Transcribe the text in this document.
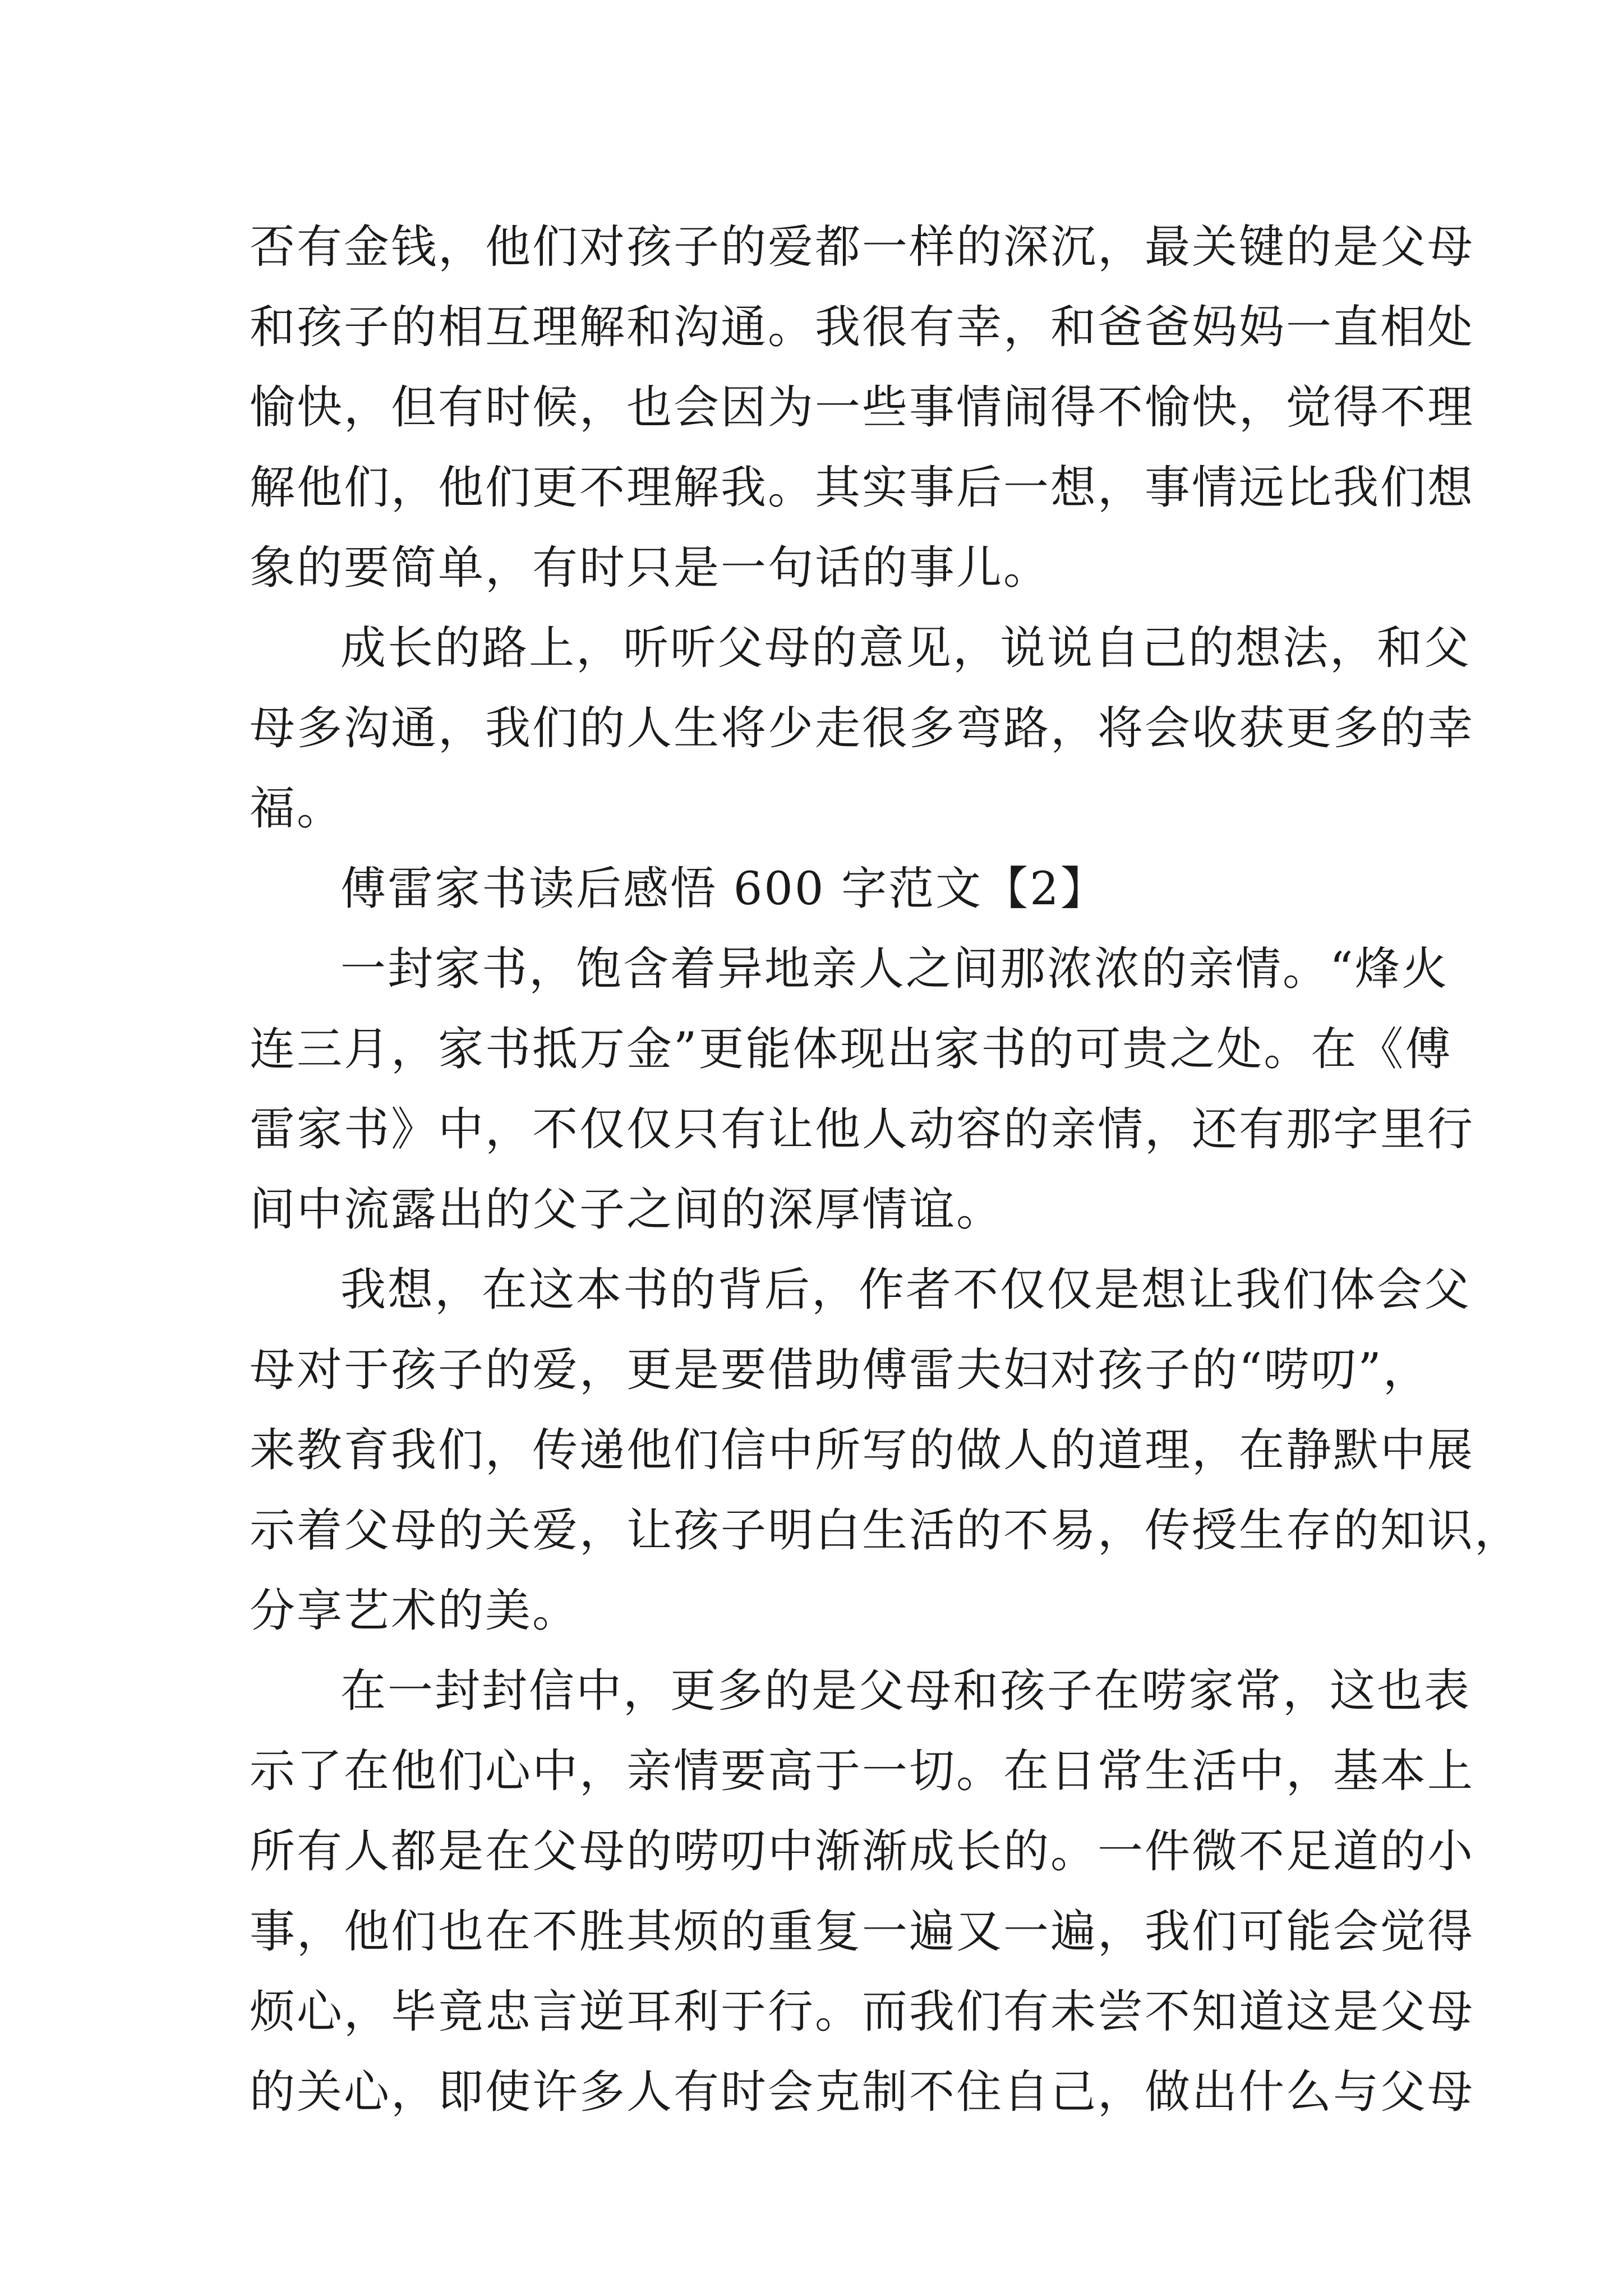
否有金钱，他们对孩子的爱都一样的深沉，最关键的是父母
和孩子的相互理解和沟通。我很有幸，和爸爸妈妈一直相处
愉快，但有时候，也会因为一些事情闹得不愉快，觉得不理
解他们，他们更不理解我。其实事后一想，事情远比我们想
象的要简单，有时只是一句话的事儿。
成长的路上，听听父母的意见，说说自己的想法，和父
母多沟通，我们的人生将少走很多弯路，将会收获更多的幸
福。
傅雷家书读后感悟 600 字范文【2】
一封家书，饱含着异地亲人之间那浓浓的亲情。“烽火
连三月，家书抵万金”更能体现出家书的可贵之处。在《傅
雷家书》中，不仅仅只有让他人动容的亲情，还有那字里行
间中流露出的父子之间的深厚情谊。
我想，在这本书的背后，作者不仅仅是想让我们体会父
母对于孩子的爱，更是要借助傅雷夫妇对孩子的“唠叨”，
来教育我们，传递他们信中所写的做人的道理，在静默中展
示着父母的关爱，让孩子明白生活的不易，传授生存的知识，
分享艺术的美。
在一封封信中，更多的是父母和孩子在唠家常，这也表
示了在他们心中，亲情要高于一切。在日常生活中，基本上
所有人都是在父母的唠叨中渐渐成长的。一件微不足道的小
事，他们也在不胜其烦的重复一遍又一遍，我们可能会觉得
烦心，毕竟忠言逆耳利于行。而我们有未尝不知道这是父母
的关心，即使许多人有时会克制不住自己，做出什么与父母
